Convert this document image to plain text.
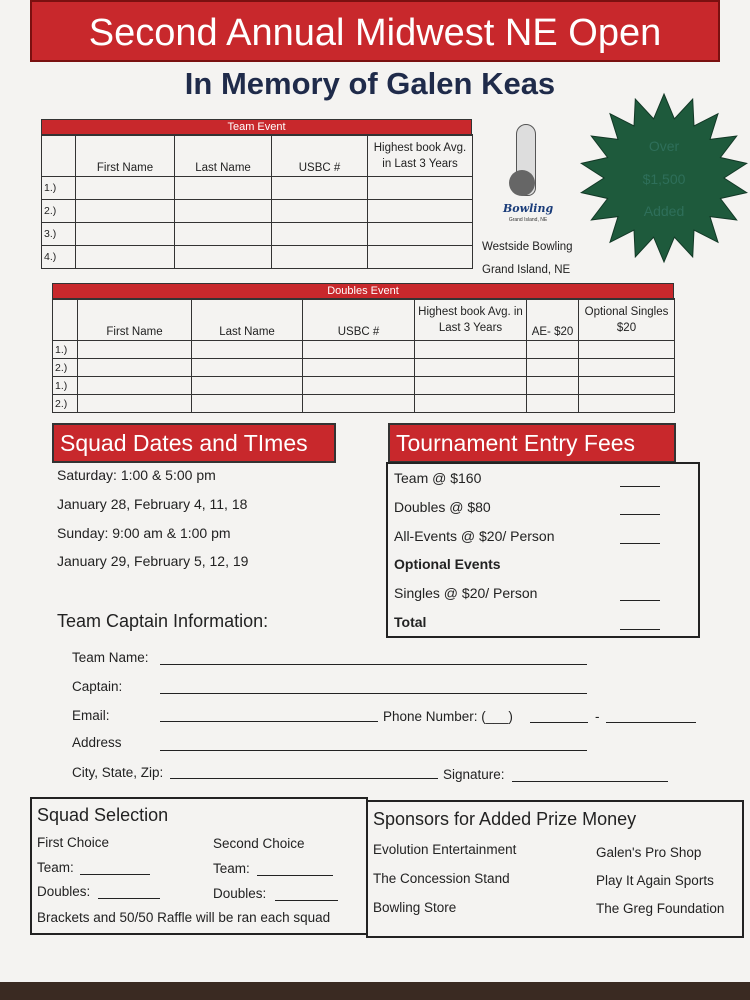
Second Annual Midwest NE Open
In Memory of Galen Keas
Team Event
	First Name	Last Name	USBC #	Highest book Avg. in Last 3 Years
1.)				
2.)				
3.)				
4.)				
Bowling
Grand Island, NE
Westside Bowling
Grand Island, NE
Over
$1,500
Added
Doubles Event
	First Name	Last Name	USBC #	Highest book Avg. in Last 3 Years	AE- $20	Optional Singles $20
1.)						
2.)						
1.)						
2.)						
Squad Dates and TImes
Saturday: 1:00 & 5:00 pm
January 28, February 4, 11, 18
Sunday: 9:00 am & 1:00 pm
January 29, February 5, 12, 19
Tournament Entry Fees
Team @ $160
Doubles @ $80
All-Events @ $20/ Person
Optional Events
Singles @ $20/ Person
Total
Team Captain Information:
Team Name:
Captain:
Email:	Phone Number: (___)	-
Address
City, State, Zip:	Signature:
Squad Selection
First Choice	Second Choice
Team:	Team:
Doubles:	Doubles:
Brackets and 50/50 Raffle will be ran each squad
Sponsors for Added Prize Money
Evolution Entertainment
The Concession Stand
Bowling Store
Galen's Pro Shop
Play It Again Sports
The Greg Foundation
